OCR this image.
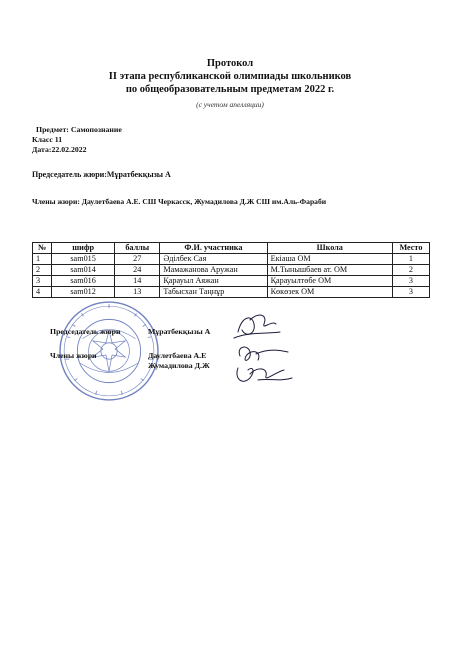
Протокол
II этапа республиканской олимпиады школьников
по общеобразовательным предметам 2022 г.
(с учетом апелляции)
Предмет: Самопознание
Класс 11
Дата:22.02.2022
Председатель жюри:Мұратбекқызы А
Члены жюри: Даулетбаева А.Е. СШ Черкасск, Жумадилова Д.Ж СШ им.Аль-Фараби
№	шифр	баллы	Ф.И. участника	Школа	Место
1	sam015	27	Әділбек Сая	Екіаша ОМ	1
2	sam014	24	Мамажанова Аружан	М.Тынышбаев ат. ОМ	2
3	sam016	14	Қарауыл Аяжан	Қарауылтөбе ОМ	3
4	sam012	13	Табысхан Таңнұр	Көкөзек ОМ	3
Председатель жюри	Мұратбекқызы А
Члены жюри	Даулетбаева А.Е
Жумадилова Д.Ж
